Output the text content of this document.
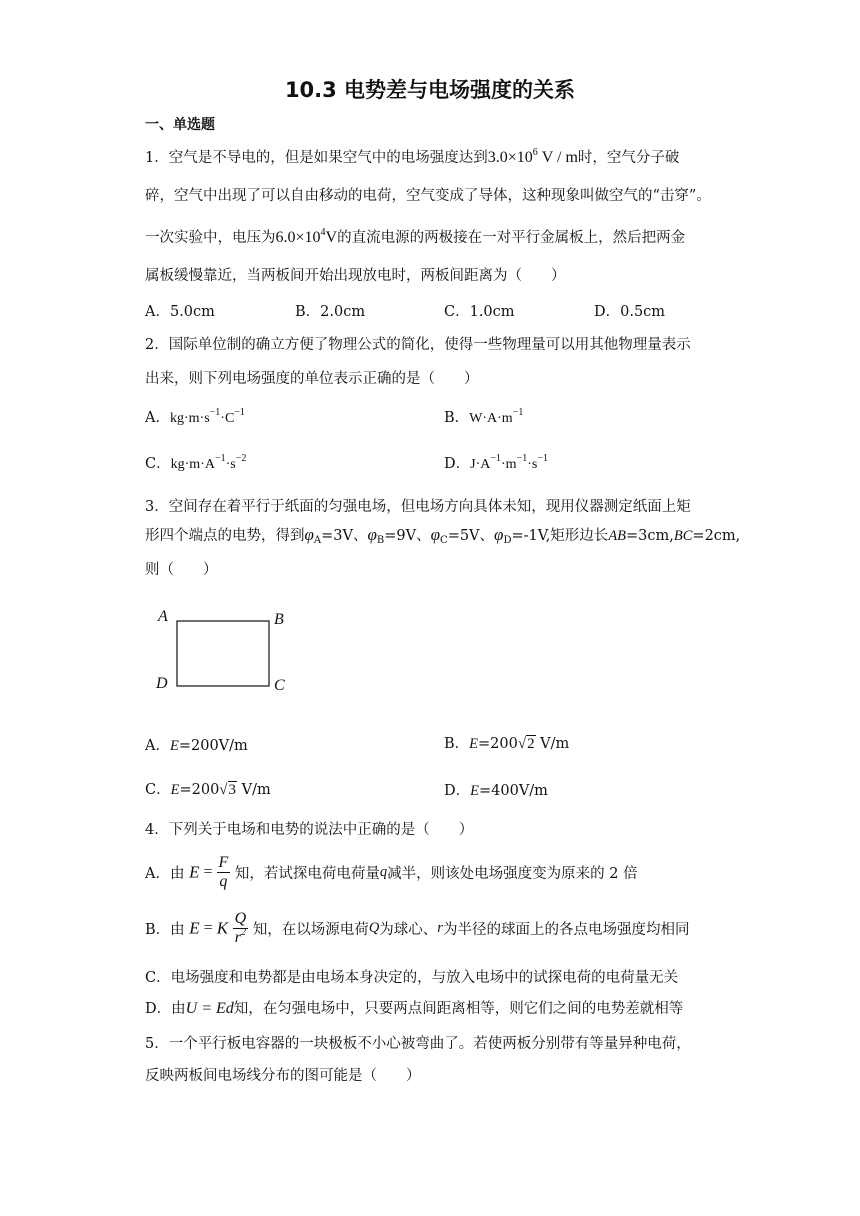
10.3 电势差与电场强度的关系
一、单选题
1．空气是不导电的，但是如果空气中的电场强度达到$3.0\times 10^6$ V / m时，空气分子破
碎，空气中出现了可以自由移动的电荷，空气变成了导体，这种现象叫做空气的“击穿”。
一次实验中，电压为$6.0\times 10^4V$的直流电源的两极接在一对平行金属板上，然后把两金
属板缓慢靠近，当两板间开始出现放电时，两板间距离为（　　）
A．5.0cm	B．2.0cm	C．1.0cm	D．0.5cm
2．国际单位制的确立方便了物理公式的简化，使得一些物理量可以用其他物理量表示
出来，则下列电场强度的单位表示正确的是（　　）
A．$kg\cdot m\cdot s^{-1}\cdot C^{-1}$	B．$W\cdot A\cdot m^{-1}$
C．$kg\cdot m\cdot A^{-1}\cdot s^{-2}$	D．$J\cdot A^{-1}\cdot m^{-1}\cdot s^{-1}$
3．空间存在着平行于纸面的匀强电场，但电场方向具体未知，现用仪器测定纸面上矩
形四个端点的电势，得到$\varphi_A=3V$、$\varphi_B=9V$、$\varphi_C=5V$、$\varphi_D=-1V$,矩形边长AB=3cm,BC=2cm,
则（　　）
A	B
C
D
A．E=200V/m	B．E=200√2 V/m
C．E=200√3 V/m	D．E=400V/m
4．下列关于电场和电势的说法中正确的是（　　）
A．由 $E = \frac{F}{q}$ 知，若试探电荷电荷量q减半，则该处电场强度变为原来的 2 倍
B．由 E = K $\frac{Q}{r^2}$ 知，在以场源电荷Q为球心、r为半径的球面上的各点电场强度均相同
C．电场强度和电势都是由电场本身决定的，与放入电场中的试探电荷的电荷量无关
D．由U = Ed知，在匀强电场中，只要两点间距离相等，则它们之间的电势差就相等
5．一个平行板电容器的一块极板不小心被弯曲了。若使两板分别带有等量异种电荷，
反映两板间电场线分布的图可能是（　　）
